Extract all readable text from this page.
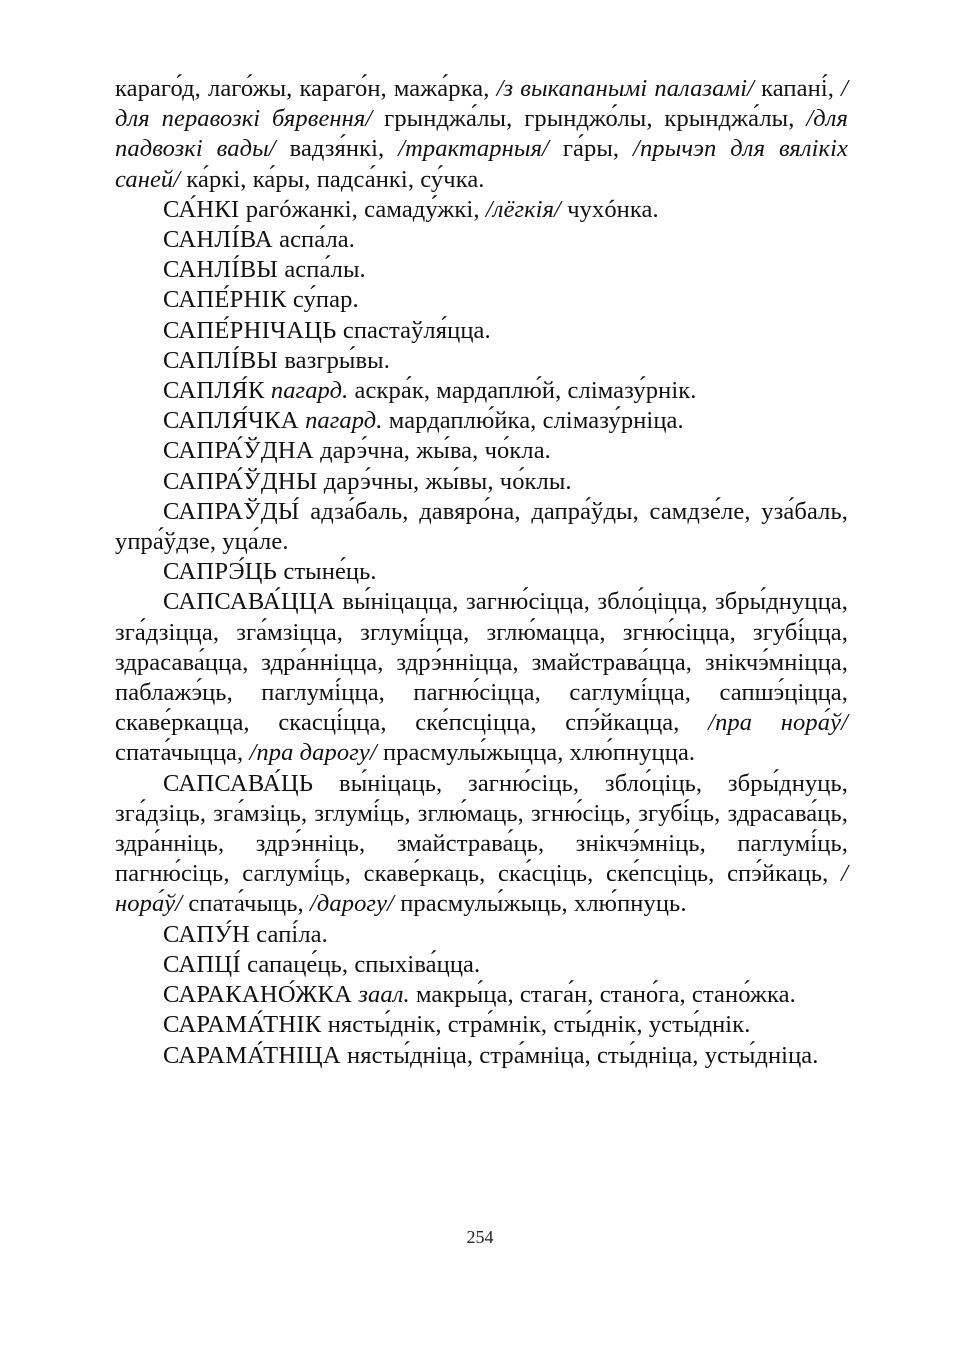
караго́д, лаго́жы, караго́н, мажа́рка, /з выкапанымі палазамі/ капані́, /для перавозкі бярвення/ грынджа́лы, грынджо́лы, крынджа́лы, /для падвозкі вады/ вадзя́нкі, /трактарныя/ га́ры, /прычэп для вялікіх саней/ ка́ркі, ка́ры, падса́нкі, су́чка.

СА́НКІ рагóжанкі, самаду́жкі, /лёгкія/ чухóнка.

САНЛІ́ВА аспа́ла.

САНЛІ́ВЫ аспа́лы.

САПЕ́РНІК су́пар.

САПЕ́РНІЧАЦЬ спастаўля́цца.

САПЛІ́ВЫ вазгры́вы.

САПЛЯ́К пагард. аскра́к, мардаплю́й, слімазу́рнік.

САПЛЯ́ЧКА пагард. мардаплю́йка, слімазу́рніца.

САПРА́ЎДНА дарэ́чна, жы́ва, чо́кла.

САПРА́ЎДНЫ дарэ́чны, жы́вы, чо́клы.

САПРАЎДЫ́ адза́баль, давяро́на, дапра́ўды, самдзе́ле, уза́баль, упра́ўдзе, уца́ле.

САПРЭ́ЦЬ стыне́ць.

САПСАВА́ЦЦА вы́ніцацца, загню́сіцца, збло́ціцца, збры́днуцца, зга́дзіцца, зга́мзіцца, зглумі́цца, зглю́мацца, згню́сіцца, згубі́цца, здрасава́цца, здра́нніцца, здрэ́нніцца, змайстрава́цца, знікчэ́мніцца, паблажэ́ць, паглумі́цца, пагню́сіцца, саглумі́цца, сапшэ́ціцца, скаве́ркацца, скасці́цца, ске́псціцца, спэ́йкацца, /пра нора́ў/ спата́чыцца, /пра дарогу/ прасмулы́жыцца, хлю́пнуцца.

САПСАВА́ЦЬ вы́ніцаць, загню́сіць, збло́ціць, збры́днуць, зга́дзіць, зга́мзіць, зглумі́ць, зглю́маць, згню́сіць, згубі́ць, здрасава́ць, здра́нніць, здрэ́нніць, змайстрава́ць, знікчэ́мніць, паглумі́ць, пагню́сіць, саглумі́ць, скаве́ркаць, ска́сціць, ске́псціць, спэ́йкаць, /нора́ў/ спата́чыць, /дарогу/ прасмулы́жыць, хлю́пнуць.

САПУ́Н сапі́ла.

САПЦІ́ сапаце́ць, спыхіва́цца.

САРАКАНО́ЖКА заал. макры́ца, стага́н, стано́га, стано́жка.

САРАМА́ТНІК нясты́днік, стра́мнік, сты́днік, усты́днік.

САРАМА́ТНІЦА нясты́дніца, стра́мніца, сты́дніца, усты́дніца.

254
